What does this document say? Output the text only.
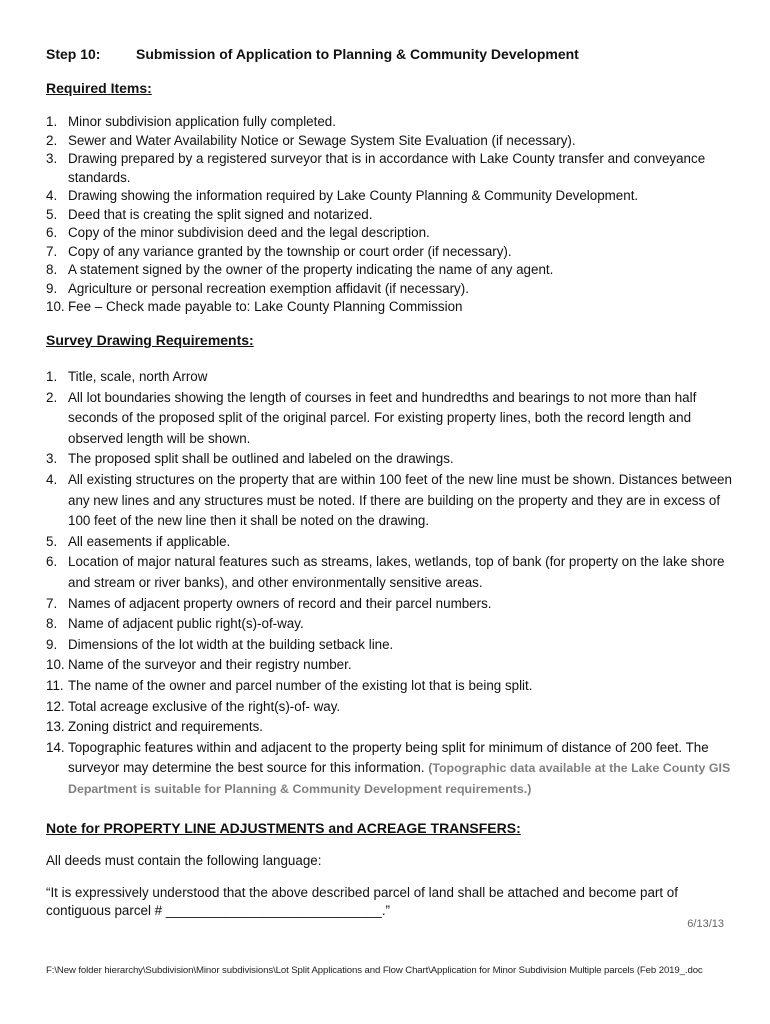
Step 10:	Submission of Application to Planning & Community Development
Required Items:
1. Minor subdivision application fully completed.
2. Sewer and Water Availability Notice or Sewage System Site Evaluation (if necessary).
3. Drawing prepared by a registered surveyor that is in accordance with Lake County transfer and conveyance standards.
4. Drawing showing the information required by Lake County Planning & Community Development.
5. Deed that is creating the split signed and notarized.
6. Copy of the minor subdivision deed and the legal description.
7. Copy of any variance granted by the township or court order (if necessary).
8. A statement signed by the owner of the property indicating the name of any agent.
9. Agriculture or personal recreation exemption affidavit (if necessary).
10. Fee – Check made payable to: Lake County Planning Commission
Survey Drawing Requirements:
1. Title, scale, north Arrow
2. All lot boundaries showing the length of courses in feet and hundredths and bearings to not more than half seconds of the proposed split of the original parcel. For existing property lines, both the record length and observed length will be shown.
3. The proposed split shall be outlined and labeled on the drawings.
4. All existing structures on the property that are within 100 feet of the new line must be shown. Distances between any new lines and any structures must be noted. If there are building on the property and they are in excess of 100 feet of the new line then it shall be noted on the drawing.
5. All easements if applicable.
6. Location of major natural features such as streams, lakes, wetlands, top of bank (for property on the lake shore and stream or river banks), and other environmentally sensitive areas.
7. Names of adjacent property owners of record and their parcel numbers.
8. Name of adjacent public right(s)-of-way.
9. Dimensions of the lot width at the building setback line.
10. Name of the surveyor and their registry number.
11. The name of the owner and parcel number of the existing lot that is being split.
12. Total acreage exclusive of the right(s)-of- way.
13. Zoning district and requirements.
14. Topographic features within and adjacent to the property being split for minimum of distance of 200 feet. The surveyor may determine the best source for this information. (Topographic data available at the Lake County GIS Department is suitable for Planning & Community Development requirements.)
Note for PROPERTY LINE ADJUSTMENTS and ACREAGE TRANSFERS:
All deeds must contain the following language:
“It is expressively understood that the above described parcel of land shall be attached and become part of contiguous parcel # _____________________________.”
6/13/13
F:\New folder hierarchy\Subdivision\Minor subdivisions\Lot Split Applications and Flow Chart\Application for Minor Subdivision Multiple parcels (Feb 2019_.doc
